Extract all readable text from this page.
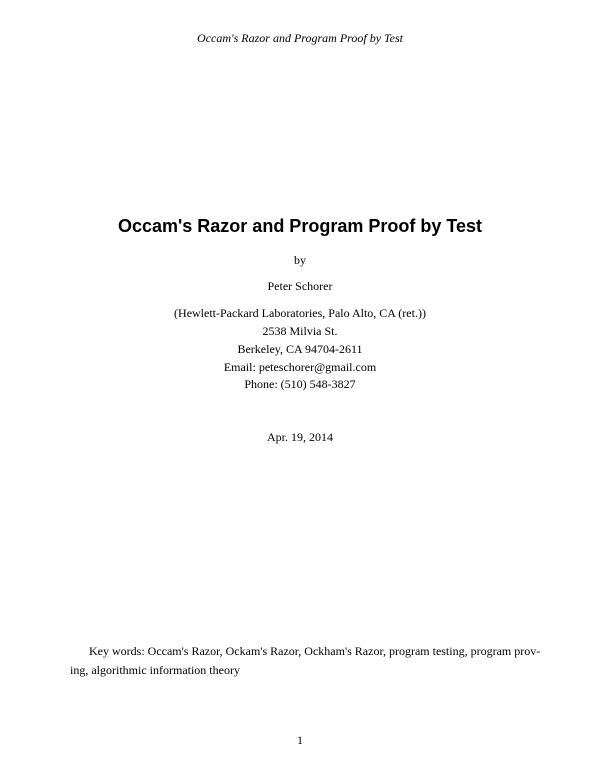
Occam's Razor and Program Proof by Test
Occam's Razor and Program Proof by Test
by
Peter Schorer
(Hewlett-Packard Laboratories, Palo Alto, CA (ret.))
2538 Milvia St.
Berkeley, CA 94704-2611
Email: peteschorer@gmail.com
Phone: (510) 548-3827
Apr. 19, 2014
Key words: Occam's Razor, Ockam's Razor, Ockham's Razor, program testing, program prov-
ing, algorithmic information theory
1
